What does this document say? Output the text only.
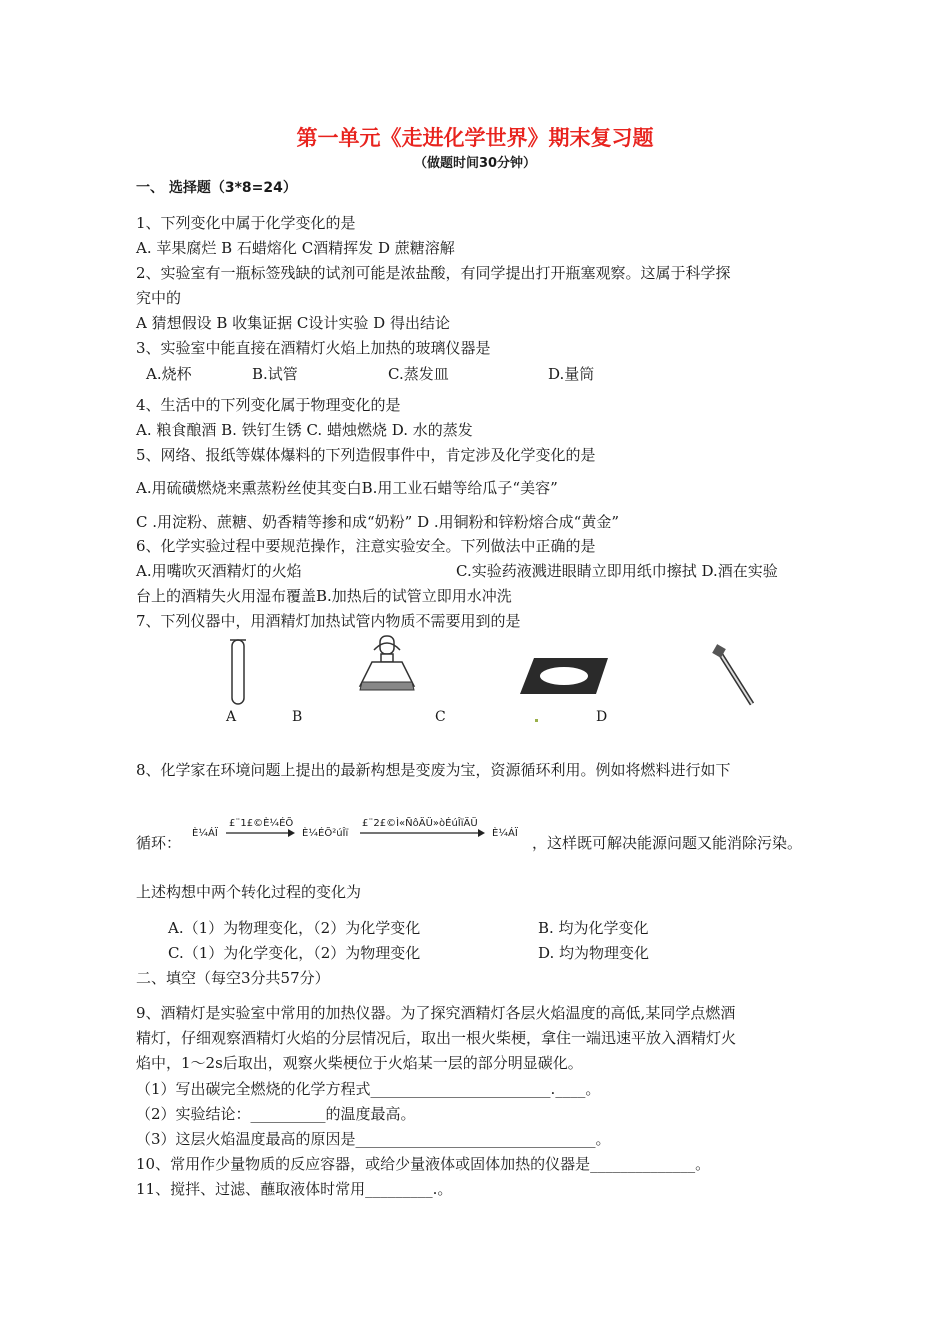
第一单元《走进化学世界》期末复习题
（做题时间30分钟）
一、 选择题（3*8=24）
1、下列变化中属于化学变化的是
A. 苹果腐烂 B 石蜡熔化 C酒精挥发 D 蔗糖溶解
2、实验室有一瓶标签残缺的试剂可能是浓盐酸，有同学提出打开瓶塞观察。这属于科学探
究中的
A 猜想假设 B 收集证据 C设计实验 D 得出结论
3、实验室中能直接在酒精灯火焰上加热的玻璃仪器是
A.烧杯	B.试管	C.蒸发皿	D.量筒
4、生活中的下列变化属于物理变化的是
A. 粮食酿酒 B. 铁钉生锈 C. 蜡烛燃烧 D. 水的蒸发
5、网络、报纸等媒体爆料的下列造假事件中，肯定涉及化学变化的是
A.用硫磺燃烧来熏蒸粉丝使其变白B.用工业石蜡等给瓜子“美容”
C .用淀粉、蔗糖、奶香精等掺和成“奶粉” D .用铜粉和锌粉熔合成“黄金”
6、化学实验过程中要规范操作，注意实验安全。下列做法中正确的是
A.用嘴吹灭酒精灯的火焰	C.实验药液溅进眼睛立即用纸巾擦拭 D.酒在实验
台上的酒精失火用湿布覆盖B.加热后的试管立即用水冲洗
7、下列仪器中，用酒精灯加热试管内物质不需要用到的是
A	B	C	D
8、化学家在环境问题上提出的最新构想是变废为宝，资源循环利用。例如将燃料进行如下
循环：
È¼ÁÏ
£¨1£©È¼ÉÕ
È¼ÉÕ²úÎï
£¨2£©Ì«ÑôÄÜ»òÉúÎïÄÜ
È¼ÁÏ
，这样既可解决能源问题又能消除污染。
上述构想中两个转化过程的变化为
A.（1）为物理变化，（2）为化学变化	B. 均为化学变化
C.（1）为化学变化，（2）为物理变化	D. 均为物理变化
二、填空（每空3分共57分）
9、酒精灯是实验室中常用的加热仪器。为了探究酒精灯各层火焰温度的高低,某同学点燃酒
精灯，仔细观察酒精灯火焰的分层情况后，取出一根火柴梗，拿住一端迅速平放入酒精灯火
焰中，1～2s后取出，观察火柴梗位于火焰某一层的部分明显碳化。
（1）写出碳完全燃烧的化学方程式________________________.____。
（2）实验结论：__________的温度最高。
（3）这层火焰温度最高的原因是________________________________。
10、常用作少量物质的反应容器，或给少量液体或固体加热的仪器是______________。
11、搅拌、过滤、蘸取液体时常用_________.。
